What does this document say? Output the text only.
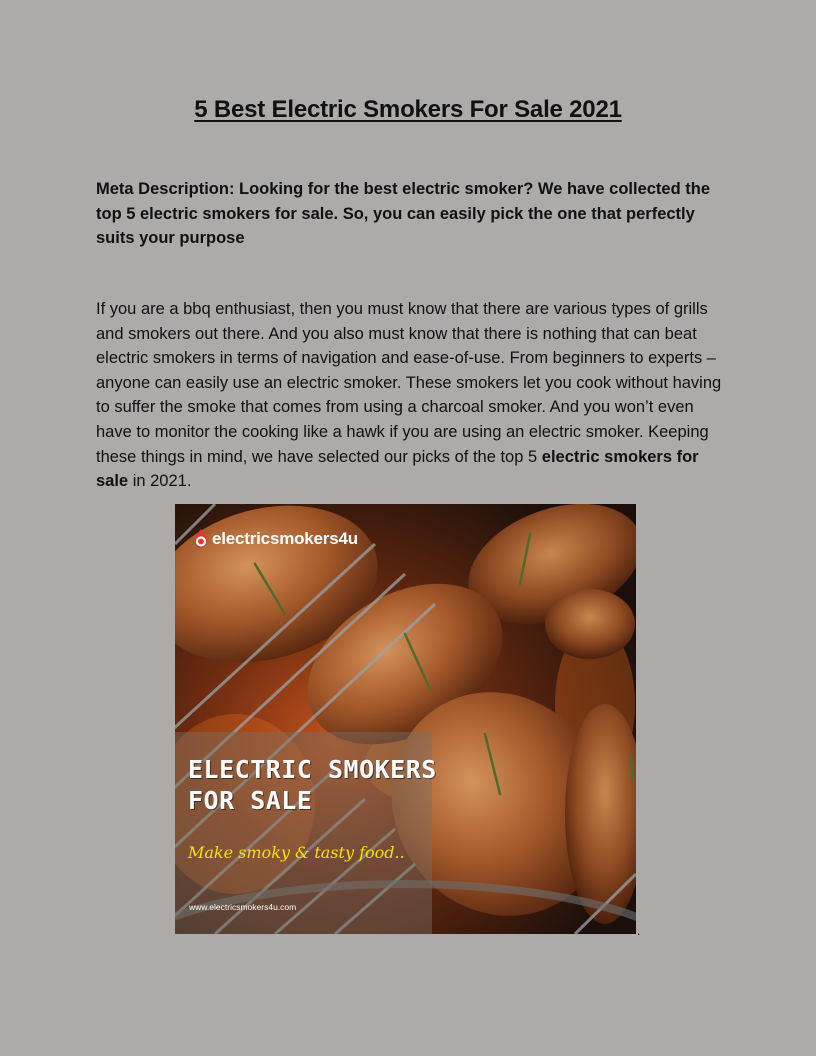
5 Best Electric Smokers For Sale 2021
Meta Description: Looking for the best electric smoker? We have collected the top 5 electric smokers for sale. So, you can easily pick the one that perfectly suits your purpose
If you are a bbq enthusiast, then you must know that there are various types of grills and smokers out there. And you also must know that there is nothing that can beat electric smokers in terms of navigation and ease-of-use. From beginners to experts – anyone can easily use an electric smoker. These smokers let you cook without having to suffer the smoke that comes from using a charcoal smoker. And you won’t even have to monitor the cooking like a hawk if you are using an electric smoker. Keeping these things in mind, we have selected our picks of the top 5 electric smokers for sale in 2021.
electricsmokers4u
ELECTRIC SMOKERS
FOR SALE
Make smoky & tasty food..
www.electricsmokers4u.com
.
